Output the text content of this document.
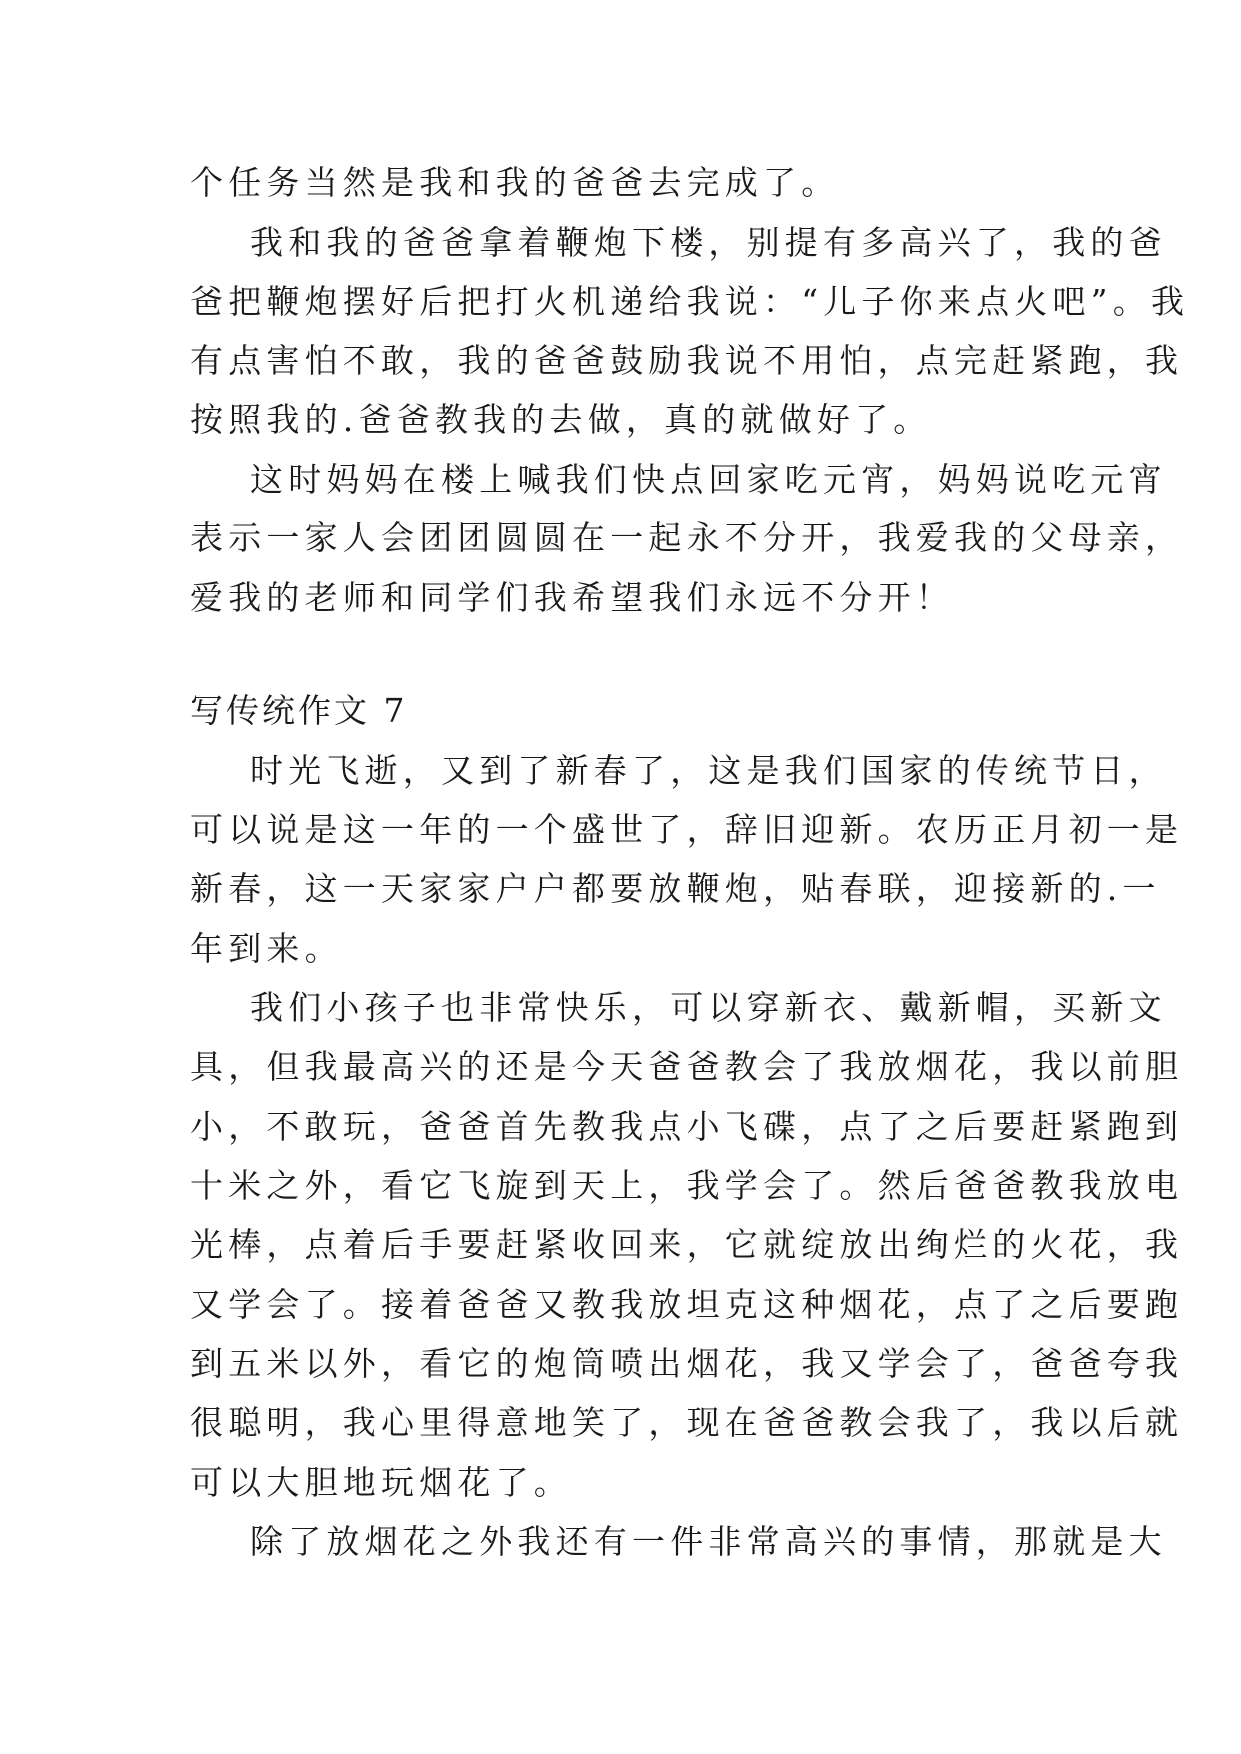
个任务当然是我和我的爸爸去完成了。
我和我的爸爸拿着鞭炮下楼，别提有多高兴了，我的爸
爸把鞭炮摆好后把打火机递给我说：“儿子你来点火吧”。我
有点害怕不敢，我的爸爸鼓励我说不用怕，点完赶紧跑，我
按照我的.爸爸教我的去做，真的就做好了。
这时妈妈在楼上喊我们快点回家吃元宵，妈妈说吃元宵
表示一家人会团团圆圆在一起永不分开，我爱我的父母亲，
爱我的老师和同学们我希望我们永远不分开！
写传统作文 7
时光飞逝，又到了新春了，这是我们国家的传统节日，
可以说是这一年的一个盛世了，辞旧迎新。农历正月初一是
新春，这一天家家户户都要放鞭炮，贴春联，迎接新的.一
年到来。
我们小孩子也非常快乐，可以穿新衣、戴新帽，买新文
具，但我最高兴的还是今天爸爸教会了我放烟花，我以前胆
小，不敢玩，爸爸首先教我点小飞碟，点了之后要赶紧跑到
十米之外，看它飞旋到天上，我学会了。然后爸爸教我放电
光棒，点着后手要赶紧收回来，它就绽放出绚烂的火花，我
又学会了。接着爸爸又教我放坦克这种烟花，点了之后要跑
到五米以外，看它的炮筒喷出烟花，我又学会了，爸爸夸我
很聪明，我心里得意地笑了，现在爸爸教会我了，我以后就
可以大胆地玩烟花了。
除了放烟花之外我还有一件非常高兴的事情，那就是大
